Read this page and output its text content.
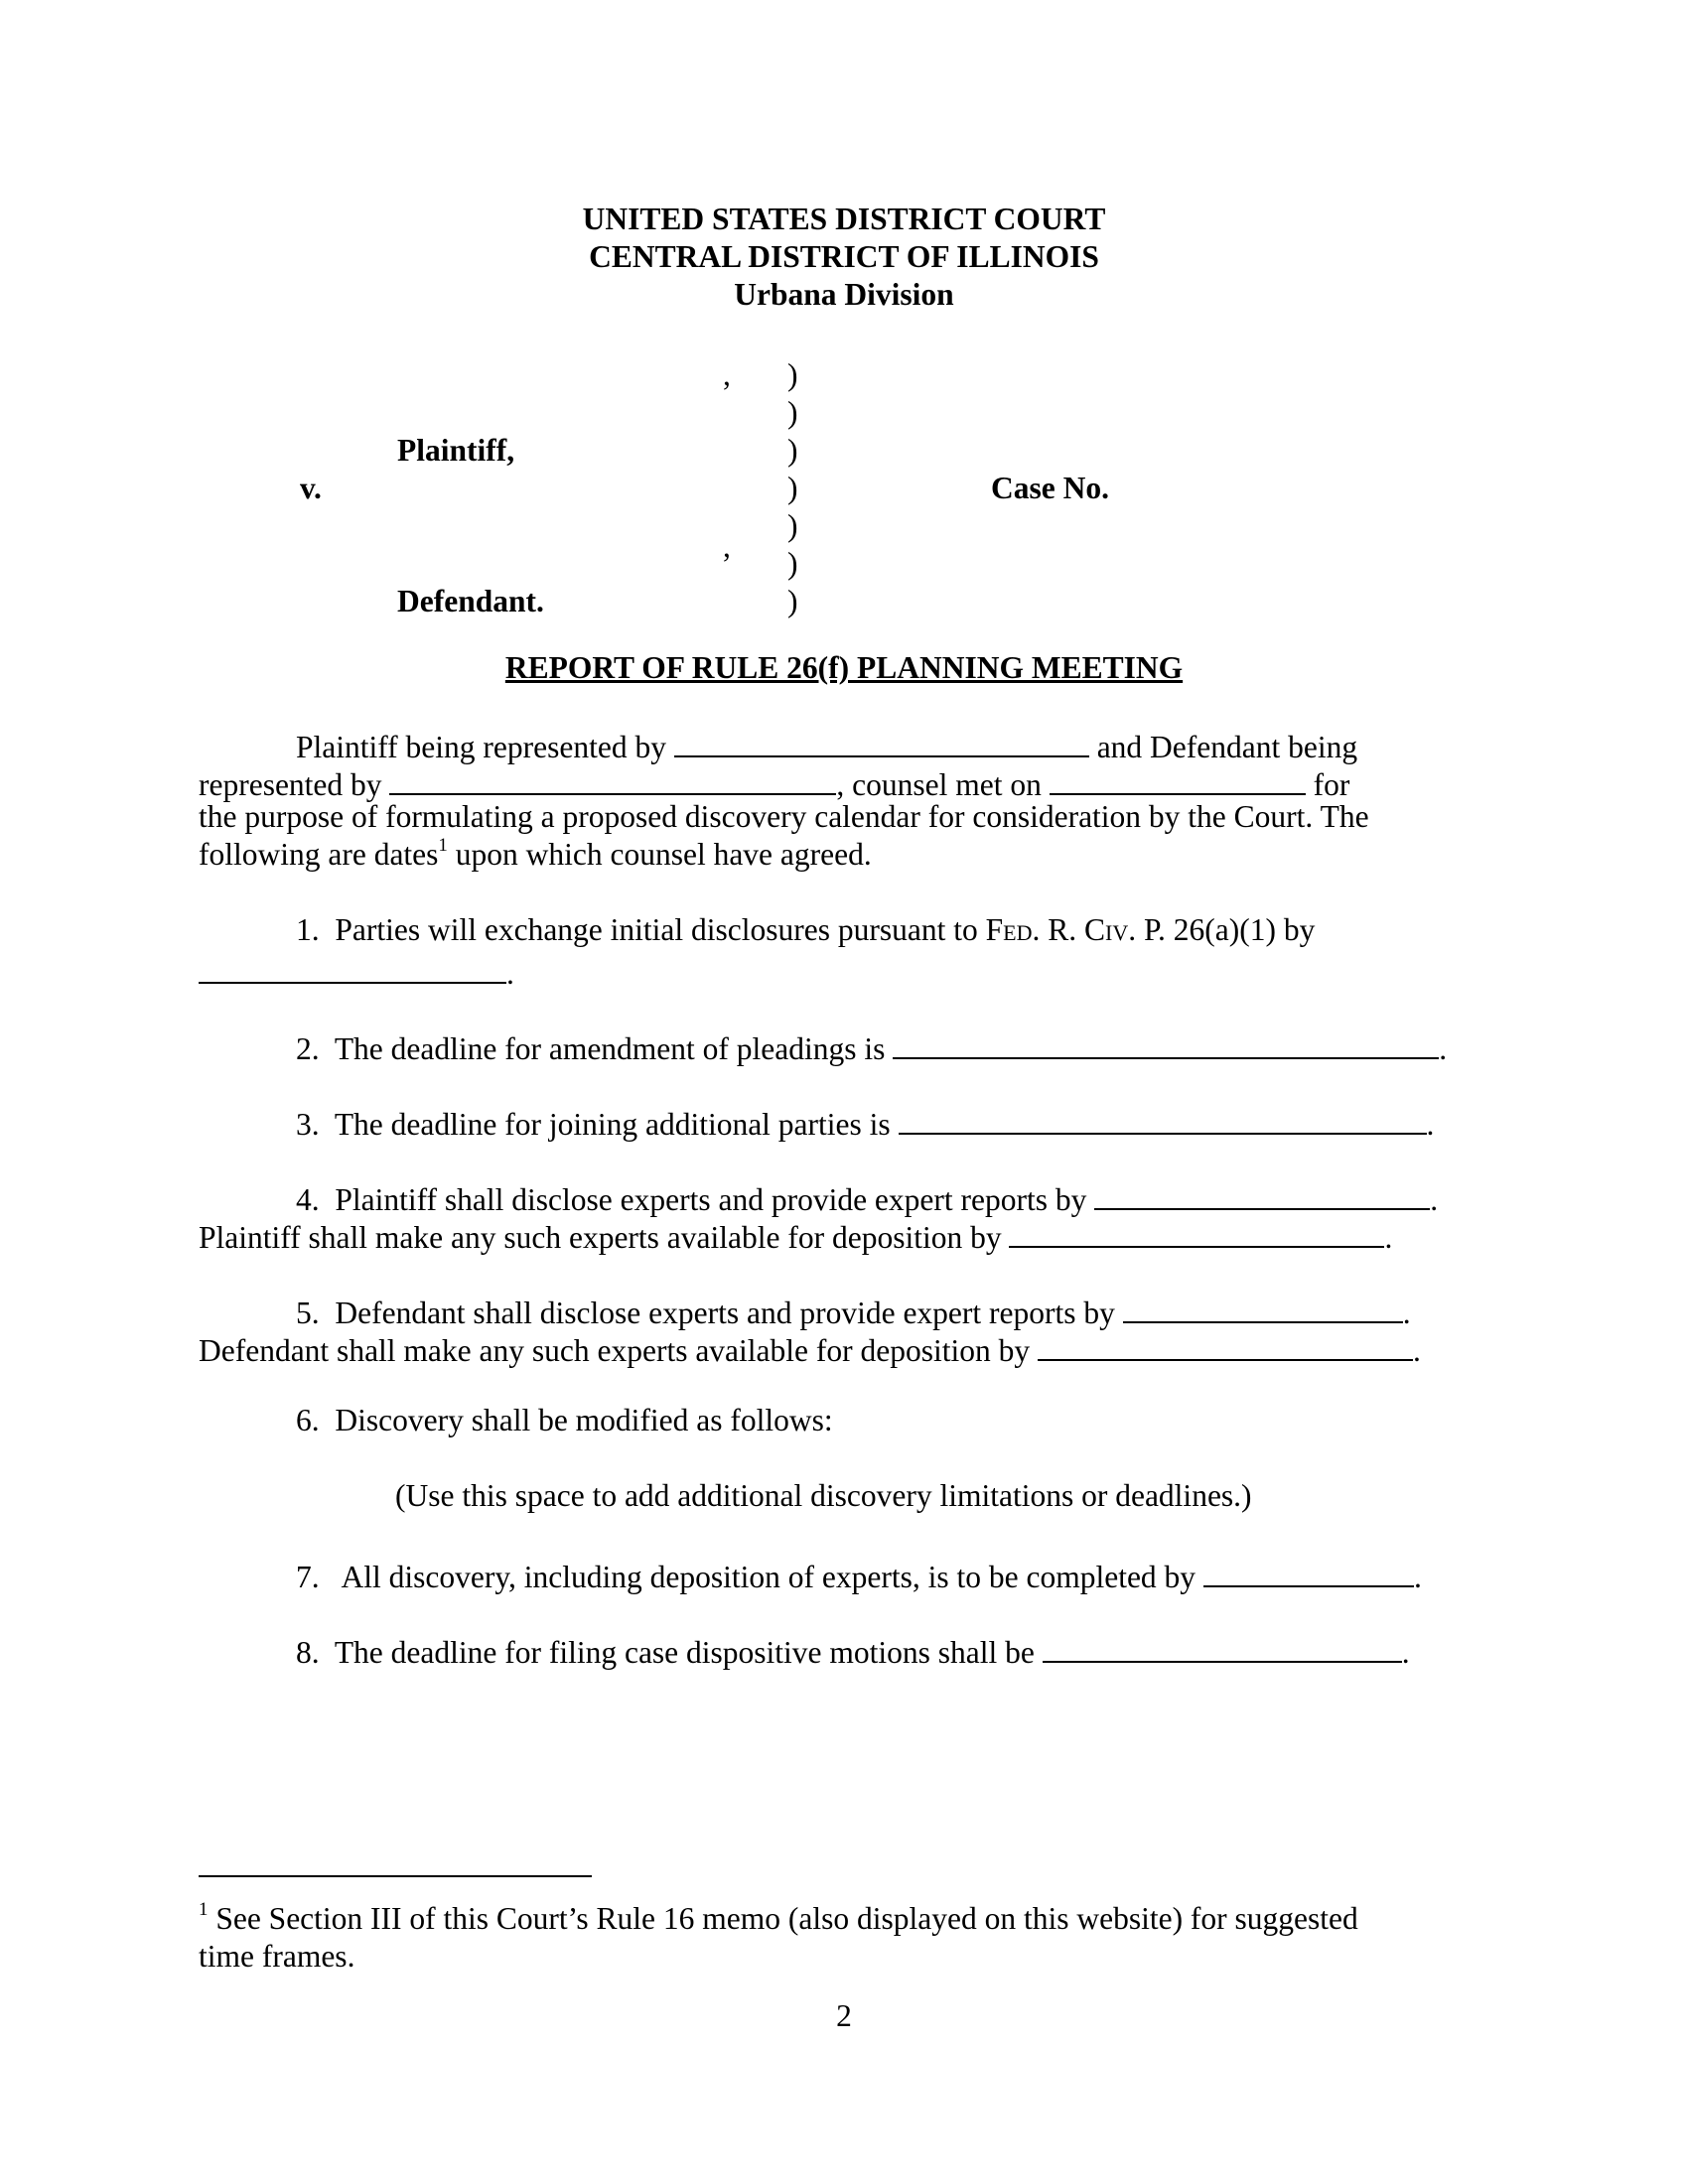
UNITED STATES DISTRICT COURT
CENTRAL DISTRICT OF ILLINOIS
Urbana Division
,
,
)
)
)
)
)
)
)
Plaintiff,
v.	Case No.
Defendant.
REPORT OF RULE 26(f) PLANNING MEETING
Plaintiff being represented by	and Defendant being
represented by	, counsel met on	for
the purpose of formulating a proposed discovery calendar for consideration by the Court. The
following are dates$^1$ upon which counsel have agreed.
1. Parties will exchange initial disclosures pursuant to Fed. R. Civ. P. 26(a)(1) by
.
2. The deadline for amendment of pleadings is	.
3. The deadline for joining additional parties is	.
4. Plaintiff shall disclose experts and provide expert reports by	.
Plaintiff shall make any such experts available for deposition by	.
5. Defendant shall disclose experts and provide expert reports by	.
Defendant shall make any such experts available for deposition by	.
6. Discovery shall be modified as follows:
(Use this space to add additional discovery limitations or deadlines.)
7. All discovery, including deposition of experts, is to be completed by	.
8. The deadline for filing case dispositive motions shall be	.
$^1$ See Section III of this Court’s Rule 16 memo (also displayed on this website) for suggested
time frames.
2
